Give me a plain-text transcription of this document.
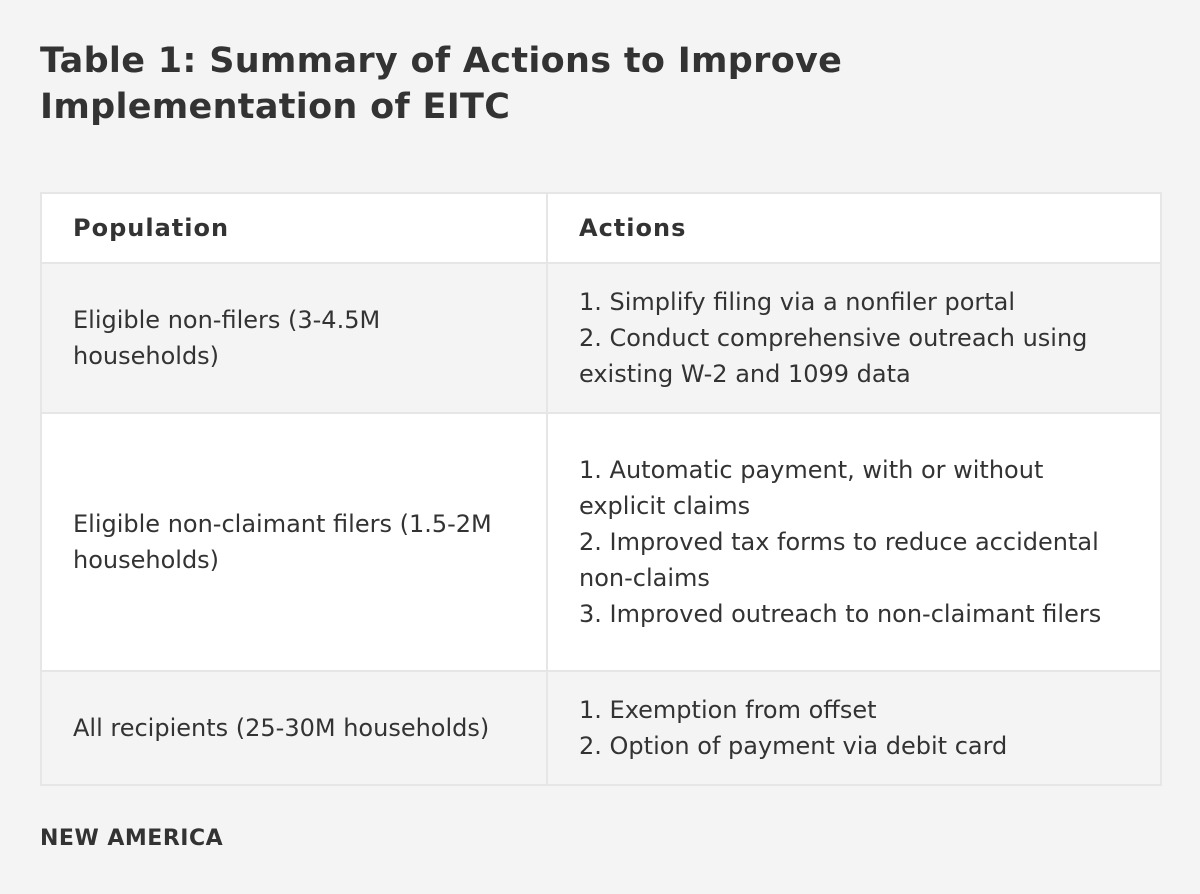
Table 1: Summary of Actions to Improve Implementation of EITC
Population	Actions
Eligible non-filers (3-4.5M households)	1. Simplify filing via a nonfiler portal
2. Conduct comprehensive outreach using existing W-2 and 1099 data

Eligible non-claimant filers (1.5-2M households)	1. Automatic payment, with or without explicit claims
2. Improved tax forms to reduce accidental non-claims
3. Improved outreach to non-claimant filers

All recipients (25-30M households)	1. Exemption from offset
2. Option of payment via debit card
NEW AMERICA
